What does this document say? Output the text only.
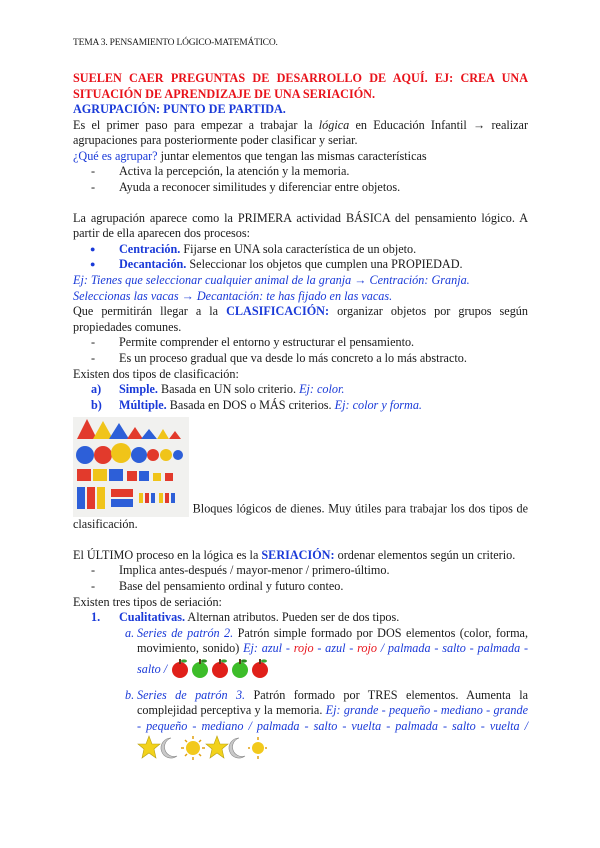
TEMA 3. PENSAMIENTO LÓGICO-MATEMÁTICO.
SUELEN CAER PREGUNTAS DE DESARROLLO DE AQUÍ. EJ: CREA UNA SITUACIÓN DE APRENDIZAJE DE UNA SERIACIÓN.
AGRUPACIÓN: PUNTO DE PARTIDA.
Es el primer paso para empezar a trabajar la lógica en Educación Infantil → realizar agrupaciones para posteriormente poder clasificar y seriar.
¿Qué es agrupar? juntar elementos que tengan las mismas características
- Activa la percepción, la atención y la memoria.
- Ayuda a reconocer similitudes y diferenciar entre objetos.
La agrupación aparece como la PRIMERA actividad BÁSICA del pensamiento lógico. A partir de ella aparecen dos procesos:
● Centración. Fijarse en UNA sola característica de un objeto.
● Decantación. Seleccionar los objetos que cumplen una PROPIEDAD.
Ej: Tienes que seleccionar cualquier animal de la granja → Centración: Granja.
Seleccionas las vacas → Decantación: te has fijado en las vacas.
Que permitirán llegar a la CLASIFICACIÓN: organizar objetos por grupos según propiedades comunes.
- Permite comprender el entorno y estructurar el pensamiento.
- Es un proceso gradual que va desde lo más concreto a lo más abstracto.
Existen dos tipos de clasificación:
a) Simple. Basada en UN solo criterio. Ej: color.
b) Múltiple. Basada en DOS o MÁS criterios. Ej: color y forma.
Bloques lógicos de dienes. Muy útiles para trabajar los dos tipos de clasificación.
El ÚLTIMO proceso en la lógica es la SERIACIÓN: ordenar elementos según un criterio.
- Implica antes-después / mayor-menor / primero-último.
- Base del pensamiento ordinal y futuro conteo.
Existen tres tipos de seriación:
1. Cualitativas. Alternan atributos. Pueden ser de dos tipos.
a. Series de patrón 2. Patrón simple formado por DOS elementos (color, forma, movimiento, sonido) Ej: azul - rojo - azul - rojo / palmada - salto - palmada - salto /
b. Series de patrón 3. Patrón formado por TRES elementos. Aumenta la complejidad perceptiva y la memoria. Ej: grande - pequeño - mediano - grande - pequeño - mediano / palmada - salto - vuelta - palmada - salto - vuelta /
